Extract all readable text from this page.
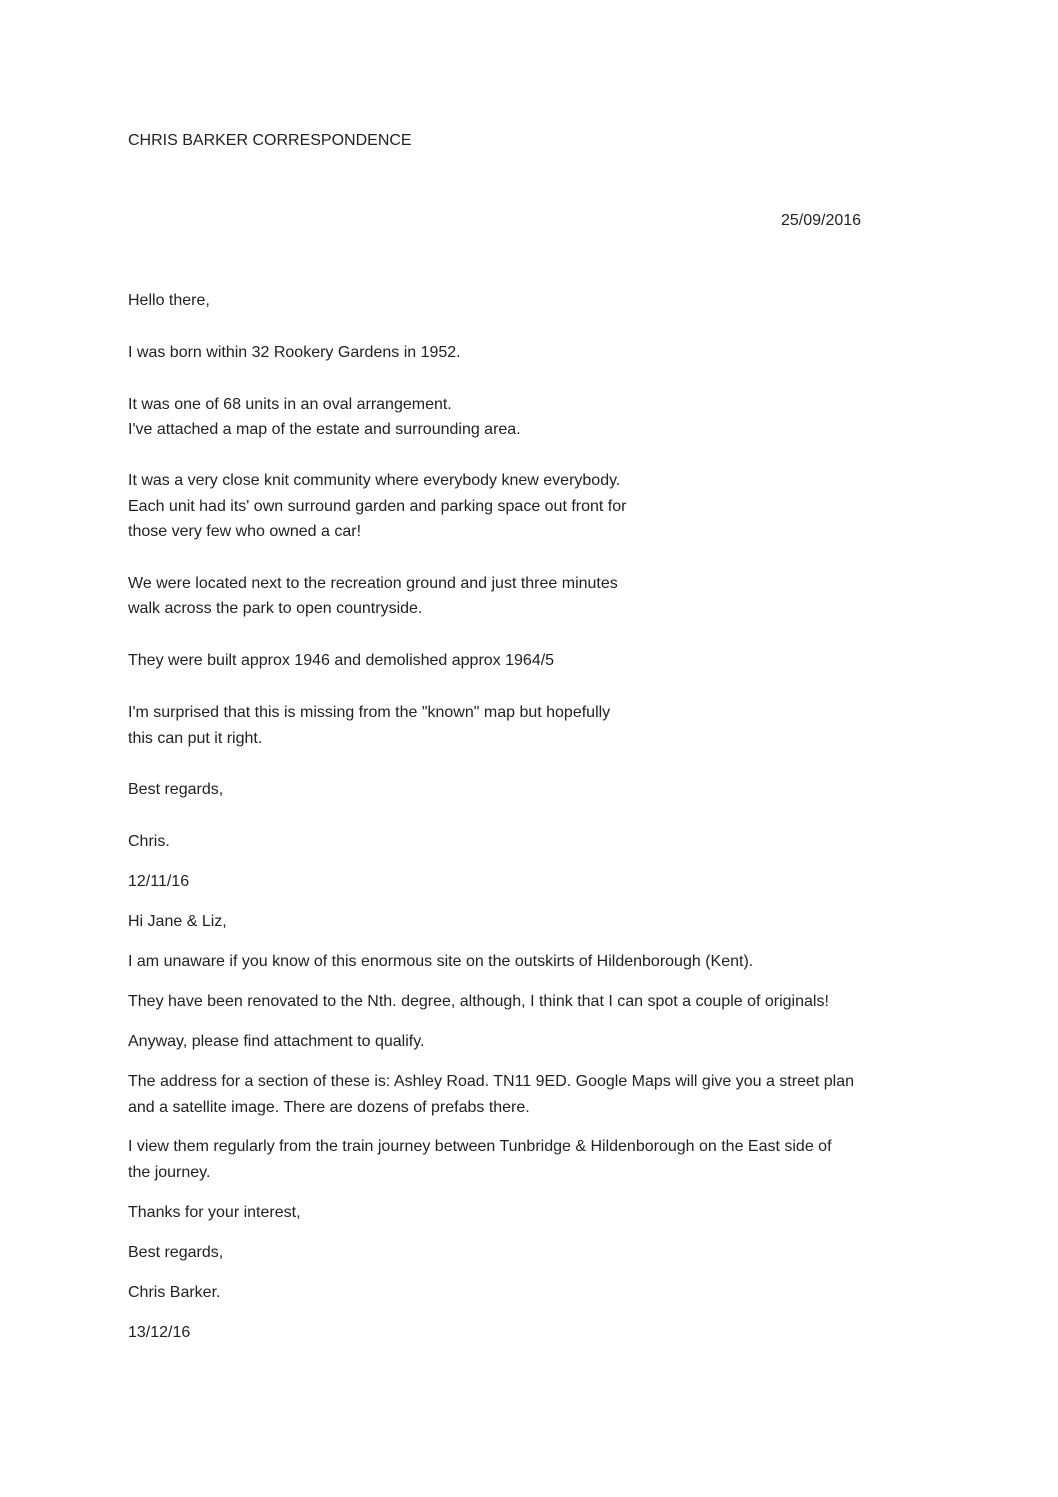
CHRIS BARKER CORRESPONDENCE
25/09/2016
Hello there,
I was born within 32 Rookery Gardens in 1952.
It was one of 68 units in an oval arrangement.
I've attached a map of the estate and surrounding area.
It was a very close knit community where everybody knew everybody.
Each unit had its' own surround garden and parking space out front for
those very few who owned a car!
We were located next to the recreation ground and just three minutes
walk across the park to open countryside.
They were built approx 1946 and demolished approx 1964/5
I'm surprised that this is missing from the "known" map but hopefully
this can put it right.
Best regards,
Chris.
12/11/16
Hi Jane & Liz,
I am unaware if you know of this enormous site on the outskirts of Hildenborough (Kent).
They have been renovated to the Nth. degree, although, I think that I can spot a couple of originals!
Anyway, please find attachment to qualify.
The address for a section of these is: Ashley Road. TN11 9ED. Google Maps will give you a street plan
and a satellite image. There are dozens of prefabs there.
I view them regularly from the train journey between Tunbridge & Hildenborough on the East side of
the journey.
Thanks for your interest,
Best regards,
Chris Barker.
13/12/16
